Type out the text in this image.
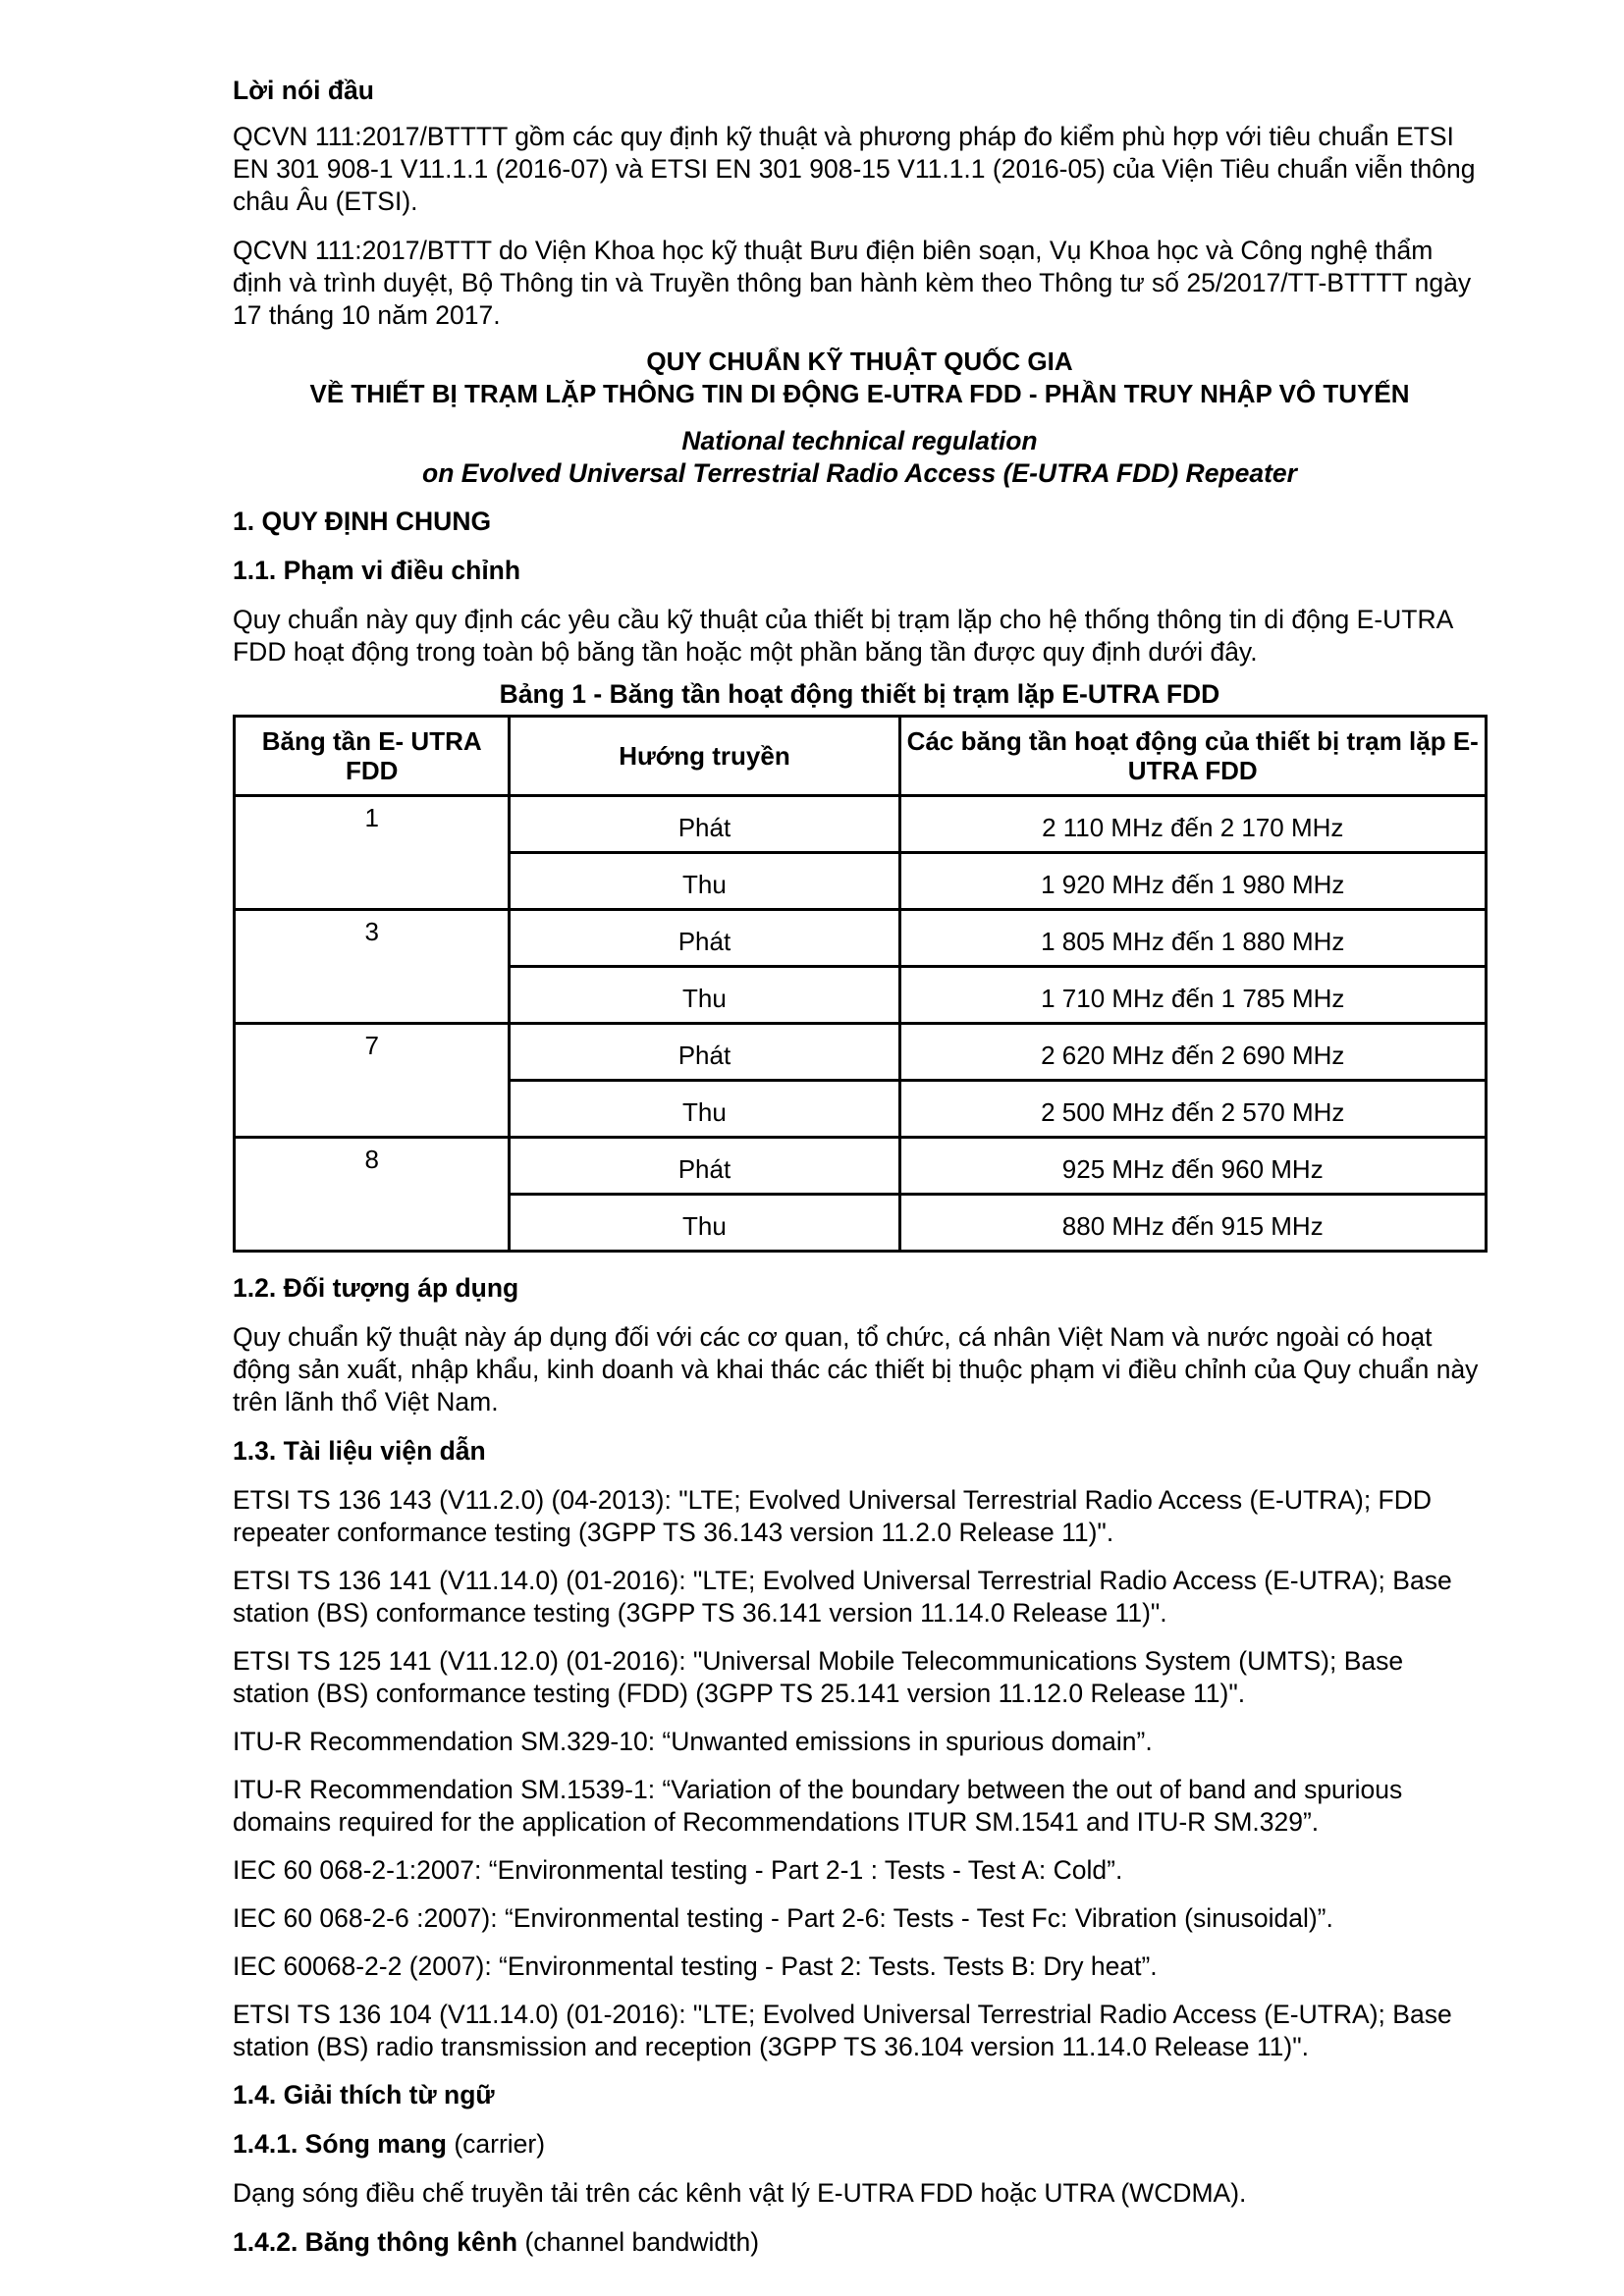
Lời nói đầu

QCVN 111:2017/BTTTT gồm các quy định kỹ thuật và phương pháp đo kiểm phù hợp với tiêu chuẩn ETSI EN 301 908-1 V11.1.1 (2016-07) và ETSI EN 301 908-15 V11.1.1 (2016-05) của Viện Tiêu chuẩn viễn thông châu Âu (ETSI).

QCVN 111:2017/BTTT do Viện Khoa học kỹ thuật Bưu điện biên soạn, Vụ Khoa học và Công nghệ thẩm định và trình duyệt, Bộ Thông tin và Truyền thông ban hành kèm theo Thông tư số 25/2017/TT-BTTTT ngày 17 tháng 10 năm 2017.

QUY CHUẨN KỸ THUẬT QUỐC GIA

VỀ THIẾT BỊ TRẠM LẶP THÔNG TIN DI ĐỘNG E-UTRA FDD - PHẦN TRUY NHẬP VÔ TUYẾN

National technical regulation

on Evolved Universal Terrestrial Radio Access (E-UTRA FDD) Repeater

1. QUY ĐỊNH CHUNG

1.1. Phạm vi điều chỉnh

Quy chuẩn này quy định các yêu cầu kỹ thuật của thiết bị trạm lặp cho hệ thống thông tin di động E-UTRA FDD hoạt động trong toàn bộ băng tần hoặc một phần băng tần được quy định dưới đây.

Bảng 1 - Băng tần hoạt động thiết bị trạm lặp E-UTRA FDD

Băng tần E- UTRA FDD	Hướng truyền	Các băng tần hoạt động của thiết bị trạm lặp E-UTRA FDD
1	Phát	2 110 MHz đến 2 170 MHz
	Thu	1 920 MHz đến 1 980 MHz
3	Phát	1 805 MHz đến 1 880 MHz
	Thu	1 710 MHz đến 1 785 MHz
7	Phát	2 620 MHz đến 2 690 MHz
	Thu	2 500 MHz đến 2 570 MHz
8	Phát	925 MHz đến 960 MHz
	Thu	880 MHz đến 915 MHz

1.2. Đối tượng áp dụng

Quy chuẩn kỹ thuật này áp dụng đối với các cơ quan, tổ chức, cá nhân Việt Nam và nước ngoài có hoạt động sản xuất, nhập khẩu, kinh doanh và khai thác các thiết bị thuộc phạm vi điều chỉnh của Quy chuẩn này trên lãnh thổ Việt Nam.

1.3. Tài liệu viện dẫn

ETSI TS 136 143 (V11.2.0) (04-2013): "LTE; Evolved Universal Terrestrial Radio Access (E-UTRA); FDD repeater conformance testing (3GPP TS 36.143 version 11.2.0 Release 11)".

ETSI TS 136 141 (V11.14.0) (01-2016): "LTE; Evolved Universal Terrestrial Radio Access (E-UTRA); Base station (BS) conformance testing (3GPP TS 36.141 version 11.14.0 Release 11)".

ETSI TS 125 141 (V11.12.0) (01-2016): "Universal Mobile Telecommunications System (UMTS); Base station (BS) conformance testing (FDD) (3GPP TS 25.141 version 11.12.0 Release 11)".

ITU-R Recommendation SM.329-10: “Unwanted emissions in spurious domain”.

ITU-R Recommendation SM.1539-1: “Variation of the boundary between the out of band and spurious domains required for the application of Recommendations ITUR SM.1541 and ITU-R SM.329”.

IEC 60 068-2-1:2007: “Environmental testing - Part 2-1 : Tests - Test A: Cold”.

IEC 60 068-2-6 :2007): “Environmental testing - Part 2-6: Tests - Test Fc: Vibration (sinusoidal)”.

IEC 60068-2-2 (2007): “Environmental testing - Past 2: Tests. Tests B: Dry heat”.

ETSI TS 136 104 (V11.14.0) (01-2016): "LTE; Evolved Universal Terrestrial Radio Access (E-UTRA); Base station (BS) radio transmission and reception (3GPP TS 36.104 version 11.14.0 Release 11)".

1.4. Giải thích từ ngữ

1.4.1. Sóng mang (carrier)

Dạng sóng điều chế truyền tải trên các kênh vật lý E-UTRA FDD hoặc UTRA (WCDMA).

1.4.2. Băng thông kênh (channel bandwidth)
